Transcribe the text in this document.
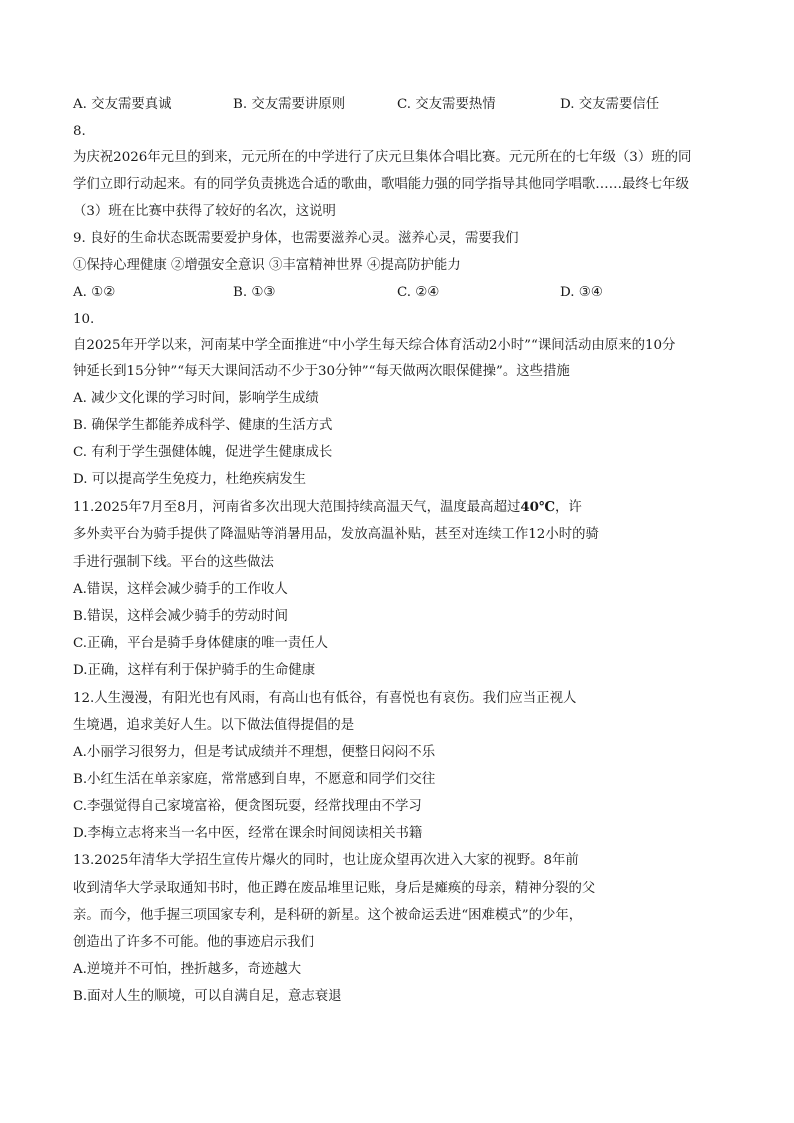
A. 交友需要真诚	B. 交友需要讲原则	C. 交友需要热情	D. 交友需要信任
8.
为庆祝2026年元旦的到来，元元所在的中学进行了庆元旦集体合唱比赛。元元所在的七年级（3）班的同
学们立即行动起来。有的同学负责挑选合适的歌曲，歌唱能力强的同学指导其他同学唱歌……最终七年级
（3）班在比赛中获得了较好的名次，这说明
9. 良好的生命状态既需要爱护身体，也需要滋养心灵。滋养心灵，需要我们
①保持心理健康 ②增强安全意识 ③丰富精神世界 ④提高防护能力
A. ①②	B. ①③	C. ②④	D. ③④
10.
自2025年开学以来，河南某中学全面推进“中小学生每天综合体育活动2小时”“课间活动由原来的10分
钟延长到15分钟”“每天大课间活动不少于30分钟”“每天做两次眼保健操”。这些措施
A. 减少文化课的学习时间，影响学生成绩
B. 确保学生都能养成科学、健康的生活方式
C. 有利于学生强健体魄，促进学生健康成长
D. 可以提高学生免疫力，杜绝疾病发生
11.2025年7月至8月，河南省多次出现大范围持续高温天气，温度最高超过40℃，许
多外卖平台为骑手提供了降温贴等消暑用品，发放高温补贴，甚至对连续工作12小时的骑
手进行强制下线。平台的这些做法
A.错误，这样会减少骑手的工作收人
B.错误，这样会减少骑手的劳动时间
C.正确，平台是骑手身体健康的唯一责任人
D.正确，这样有利于保护骑手的生命健康
12.人生漫漫，有阳光也有风雨，有高山也有低谷，有喜悦也有哀伤。我们应当正视人
生境遇，追求美好人生。以下做法值得提倡的是
A.小丽学习很努力，但是考试成绩并不理想，便整日闷闷不乐
B.小红生活在单亲家庭，常常感到自卑，不愿意和同学们交往
C.李强觉得自己家境富裕，便贪图玩耍，经常找理由不学习
D.李梅立志将来当一名中医，经常在课余时间阅读相关书籍
13.2025年清华大学招生宣传片爆火的同时，也让庞众望再次进入大家的视野。8年前
收到清华大学录取通知书时，他正蹲在废品堆里记账，身后是瘫痪的母亲，精神分裂的父
亲。而今，他手握三项国家专利，是科研的新星。这个被命运丢进“困难模式”的少年，
创造出了许多不可能。他的事迹启示我们
A.逆境并不可怕，挫折越多，奇迹越大
B.面对人生的顺境，可以自满自足，意志衰退
